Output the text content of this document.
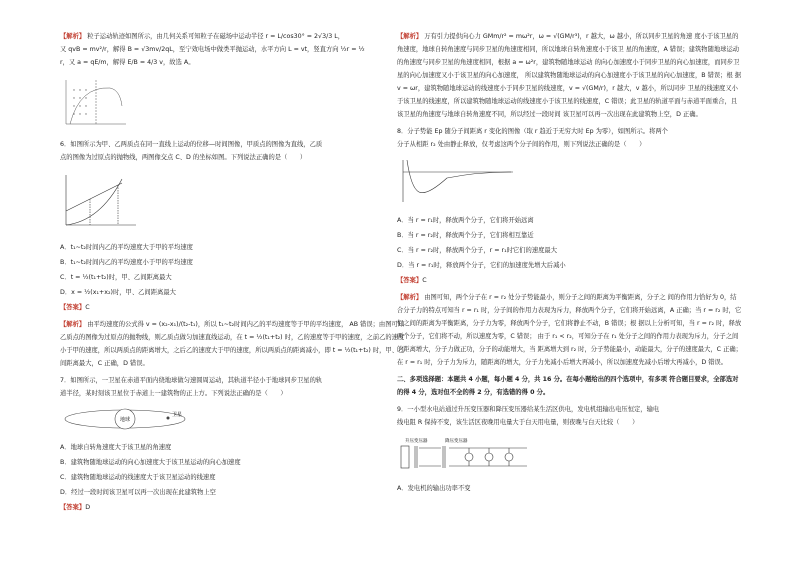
【解析】 粒子运动轨迹如图所示，由几何关系可知粒子在磁场中运动半径 r = L/cos30° = 2√3/3 L，
又 qvB = mv²/r，解得 B = √3mv/2qL，至宁效电场中做类平抛运动，水平方向 L = vt，竖直方向 ½r = ½
r，又 a = qE/m，解得 E/B = 4/3 v，故选 A。

6．如图所示为甲、乙两质点在同一直线上运动的位移—时间图像，甲质点的图像为直线，乙质
点的图像为过原点的抛物线，两图像交点 C、D 的坐标如图。下列说法正确的是（　　）

A．t₁~t₂时间内乙的平均速度大于甲的平均速度

B．t₁~t₂时间内乙的平均速度小于甲的平均速度

C．t = ½(t₁+t₂)时，甲、乙间距离最大

D．x = ½(x₁+x₂)时，甲、乙间距离最大

【答案】C

【解析】 由平均速度的公式得 v = (x₂-x₁)/(t₂-t₁)，所以 t₁~t₂时间内乙的平均速度等于甲的平均速度， AB 错误；由图可知乙质点的图像为过原点的抛物线，则乙质点做匀加速直线运动，在 t = ½(t₁+t₂) 时，乙的速度等于甲的速度，之前乙的速度小于甲的速度，所以两质点的距离增大，之后乙的速度大于甲的速度，所以两质点的距离减小，即 t = ½(t₁+t₂) 时，甲、乙间距离最大，C 正确，D 错误。

7．如图所示，一卫星在赤道平面内绕地球做匀速圆周运动，其轨道半径小于地球同步卫星的轨
道半径，某时刻该卫星位于赤道上一建筑物的正上方。下列说法正确的是（　　）

地球
卫星

A．地球自转角速度大于该卫星的角速度

B．建筑物随地球运动的向心加速度大于该卫星运动的向心加速度

C．建筑物随地球运动的线速度大于该卫星运动的线速度

D．经过一段时间该卫星可以再一次出现在此建筑物上空

【答案】D

【解析】 万有引力提供向心力 GMm/r² = mω²r，ω = √(GM/r³)，r 越大，ω 越小，所以同步卫星的角速 度小于该卫星的角速度，地球自转角速度与同步卫星的角速度相同，所以地球自转角速度小于该卫 星的角速度，A 错误；建筑物随地球运动的角速度与同步卫星的角速度相同，根据 a = ω²r，建筑物随地球运动 的向心加速度小于同步卫星的向心加速度，而同步卫星的向心加速度又小于该卫星的向心加速度， 所以建筑物随地球运动的向心加速度小于该卫星的向心加速度，B 错误；根 据 v = ωr，建筑物随地球运动的线速度小于同步卫星的线速度，v = √(GM/r)，r 越大，v 越小，所以同步 卫星的线速度又小于该卫星的线速度，所以建筑物随地球运动的线速度小于该卫星的线速度，C 错误；此卫星的轨道平面与赤道平面重合，且该卫星的角速度与地球自转角速度不同，所以经过一段时间 该卫星可以再一次出现在此建筑物上空，D 正确。

8．分子势能 Ep 随分子间距离 r 变化的图像（取 r 趋近于无穷大时 Ep 为零），如图所示。将两个
分子从相距 r₂ 处由静止释放，仅考虑这两个分子间的作用，则下列说法正确的是（　　）

A．当 r = r₁时，释放两个分子，它们将开始远离

B．当 r = r₂时，释放两个分子，它们将相互靠近

C．当 r = r₂时，释放两个分子，r = r₁时它们的速度最大

D．当 r = r₁时，释放两个分子，它们的加速度先增大后减小

【答案】C

【解析】 由图可知，两个分子在 r = r₂ 处分子势能最小，则分子之间的距离为平衡距离，分子之 间的作用力恰好为 0，结合分子力的特点可知当 r = r₁ 时，分子间的作用力表现为斥力，释放两个分子，它们将开始远离，A 正确；当 r = r₂ 时，它们之间的距离为平衡距离，分子力为零，释放两个分子，它们将静止不动，B 错误；根 据以上分析可知，当 r = r₂ 时，释放两个分子，它们将不动，所以速度为零，C 错误； 由于 r₁ < r₂，可知分子在 r₁ 处分子之间的作用力表现为斥力，分子之间的距离增大，分子力做正功，分子的动能增大，当 距离增大到 r₂ 时，分子势能最小，动能最大，分子的速度最大，C 正确；在 r = r₁ 时，分子力为斥力，随距离的增大，分子力先减小后增大再减小，所以加速度先减小后增大再减小，D 错误。

二、多项选择题：本题共 4 小题，每小题 4 分，共 16 分。在每小题给出的四个选项中，有多项 符合题目要求，全部选对的得 4 分，选对但不全的得 2 分，有选错的得 0 分。

9．一小型水电站通过升压变压器和降压变压器给某生活区供电，发电机组输出电压恒定，输电
线电阻 R 保持不变，该生活区夜晚用电量大于白天用电量，则夜晚与白天比较（　　）

升压变压器	降压变压器

A．发电机的输出功率不变
